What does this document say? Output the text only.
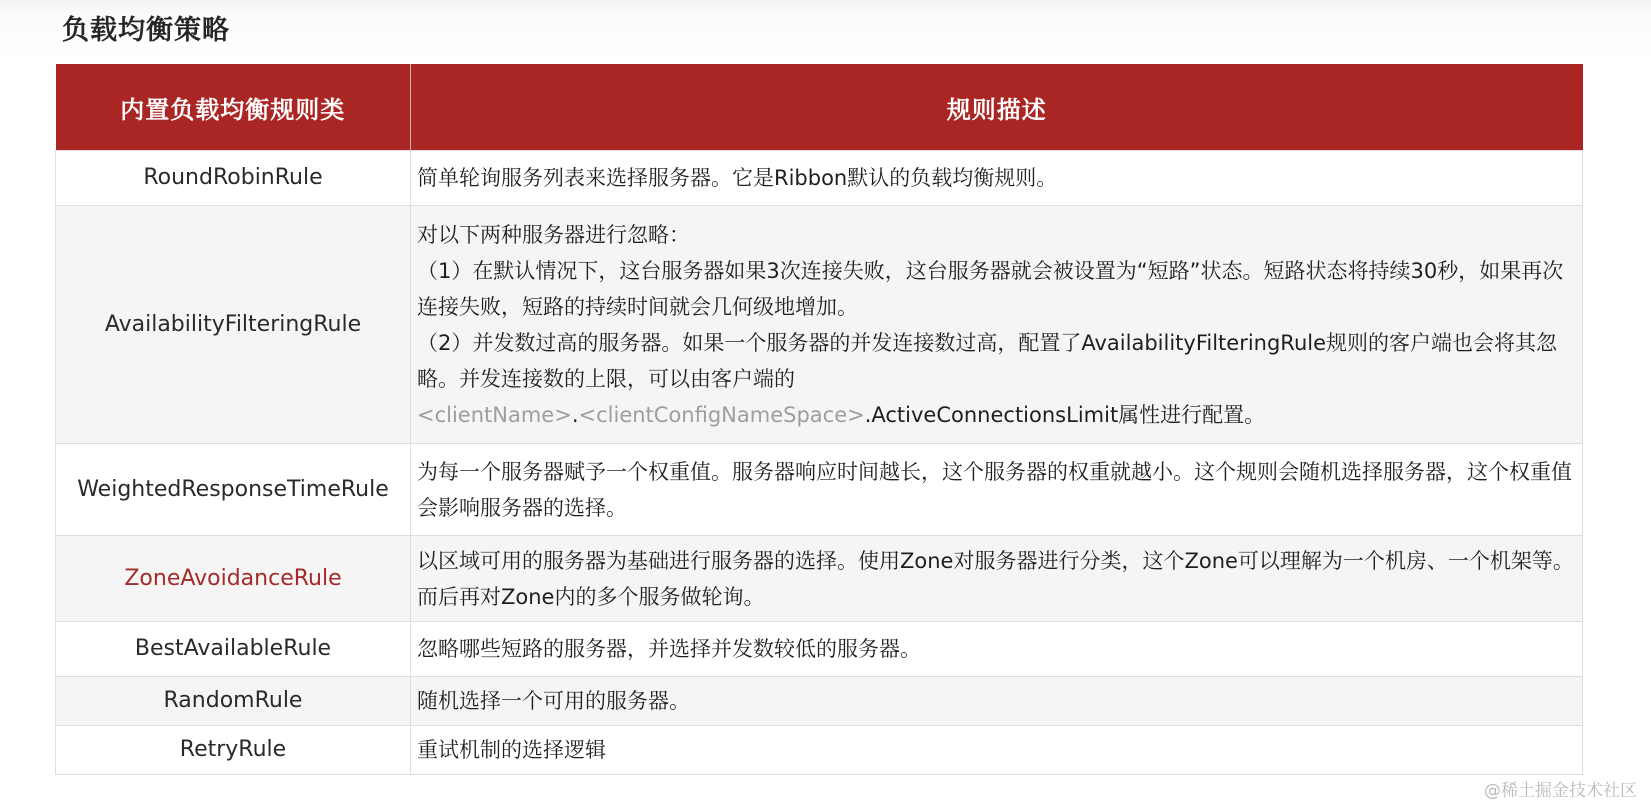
负载均衡策略
内置负载均衡规则类	规则描述
RoundRobinRule	简单轮询服务列表来选择服务器。它是Ribbon默认的负载均衡规则。
AvailabilityFilteringRule	对以下两种服务器进行忽略：
（1）在默认情况下，这台服务器如果3次连接失败，这台服务器就会被设置为“短路”状态。短路状态将持续30秒，如果再次连接失败，短路的持续时间就会几何级地增加。
（2）并发数过高的服务器。如果一个服务器的并发连接数过高，配置了AvailabilityFilteringRule规则的客户端也会将其忽略。并发连接数的上限，可以由客户端的
<clientName>.<clientConfigNameSpace>.ActiveConnectionsLimit属性进行配置。

WeightedResponseTimeRule	为每一个服务器赋予一个权重值。服务器响应时间越长，这个服务器的权重就越小。这个规则会随机选择服务器，这个权重值会影响服务器的选择。
ZoneAvoidanceRule	以区域可用的服务器为基础进行服务器的选择。使用Zone对服务器进行分类，这个Zone可以理解为一个机房、一个机架等。而后再对Zone内的多个服务做轮询。
BestAvailableRule	忽略哪些短路的服务器，并选择并发数较低的服务器。
RandomRule	随机选择一个可用的服务器。
RetryRule	重试机制的选择逻辑
@稀土掘金技术社区
